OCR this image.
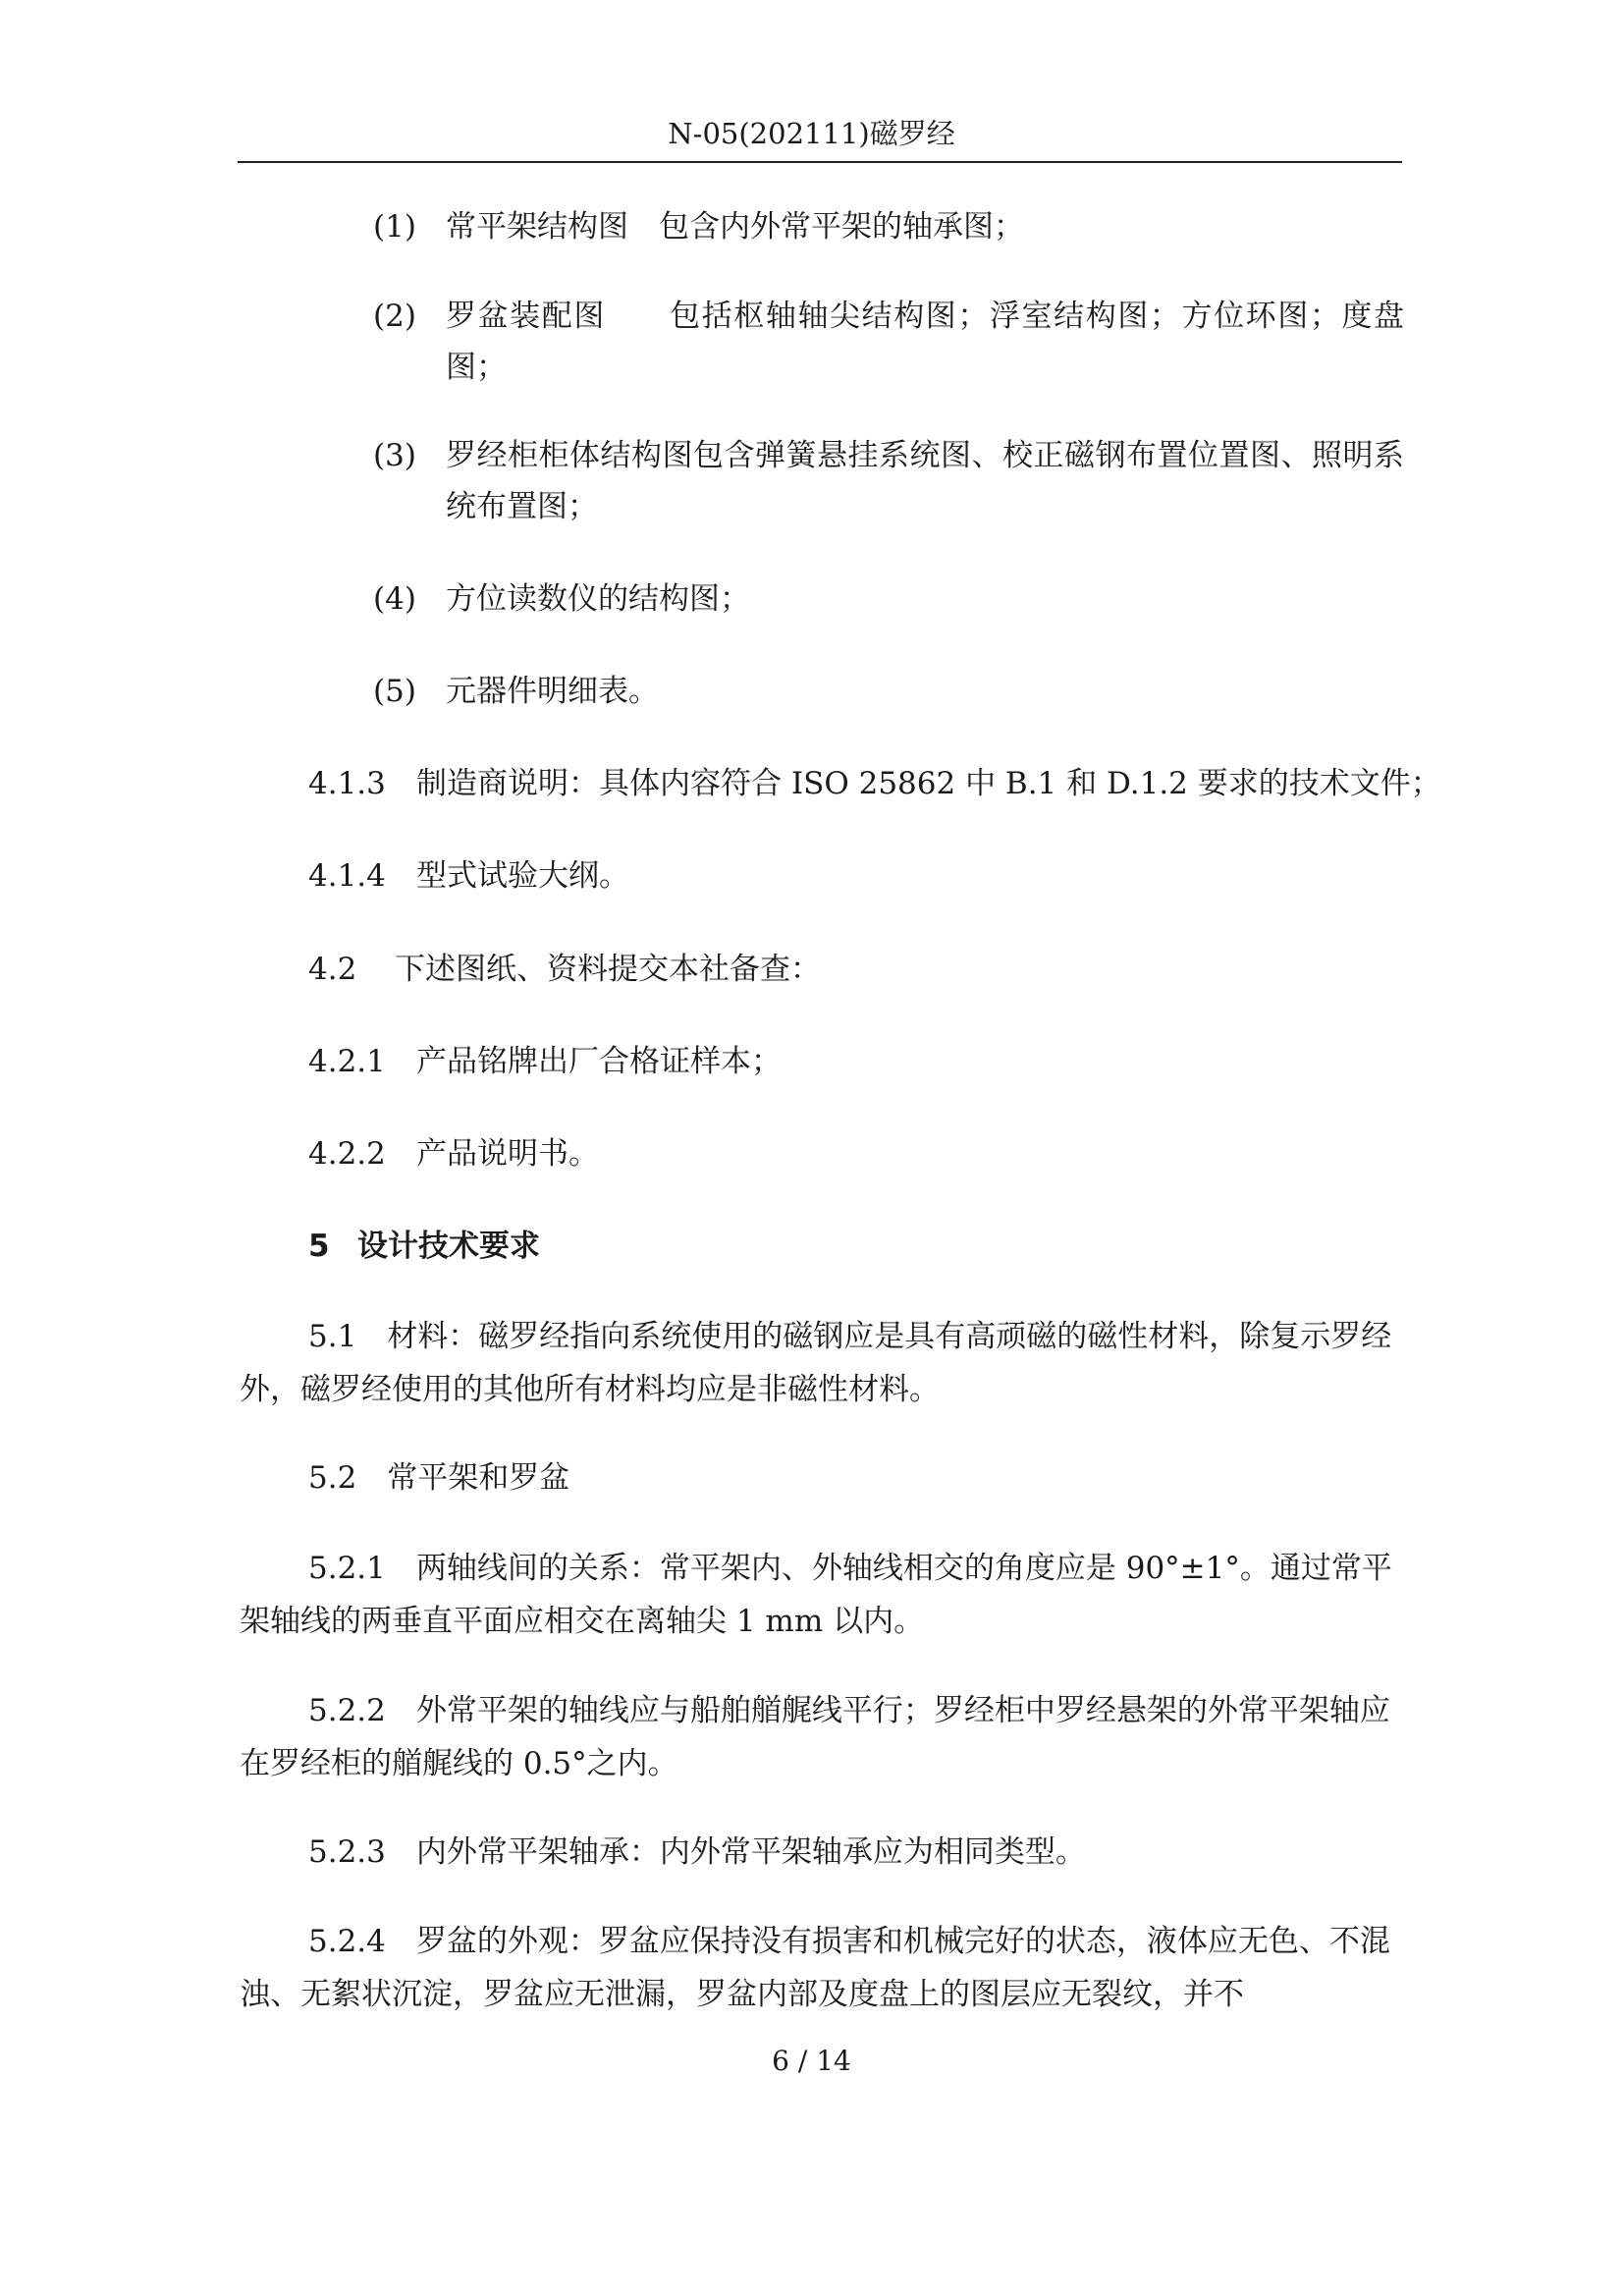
N-05(202111)磁罗经
(1) 常平架结构图　包含内外常平架的轴承图；
(2) 罗盆装配图　　包括枢轴轴尖结构图；浮室结构图；方位环图；度盘图；
(3) 罗经柜柜体结构图包含弹簧悬挂系统图、校正磁钢布置位置图、照明系统布置图；
(4) 方位读数仪的结构图；
(5) 元器件明细表。
4.1.3 制造商说明：具体内容符合 ISO 25862 中 B.1 和 D.1.2 要求的技术文件；
4.1.4 型式试验大纲。
4.2 下述图纸、资料提交本社备查：
4.2.1 产品铭牌出厂合格证样本；
4.2.2 产品说明书。
5 设计技术要求
5.1　材料：磁罗经指向系统使用的磁钢应是具有高顽磁的磁性材料，除复示罗经外，磁罗经使用的其他所有材料均应是非磁性材料。
5.2　常平架和罗盆
5.2.1　两轴线间的关系：常平架内、外轴线相交的角度应是 90°±1°。通过常平架轴线的两垂直平面应相交在离轴尖 1 mm 以内。
5.2.2　外常平架的轴线应与船舶艏艉线平行；罗经柜中罗经悬架的外常平架轴应在罗经柜的艏艉线的 0.5°之内。
5.2.3　内外常平架轴承：内外常平架轴承应为相同类型。
5.2.4　罗盆的外观：罗盆应保持没有损害和机械完好的状态，液体应无色、不混浊、无絮状沉淀，罗盆应无泄漏，罗盆内部及度盘上的图层应无裂纹，并不
6 / 14
